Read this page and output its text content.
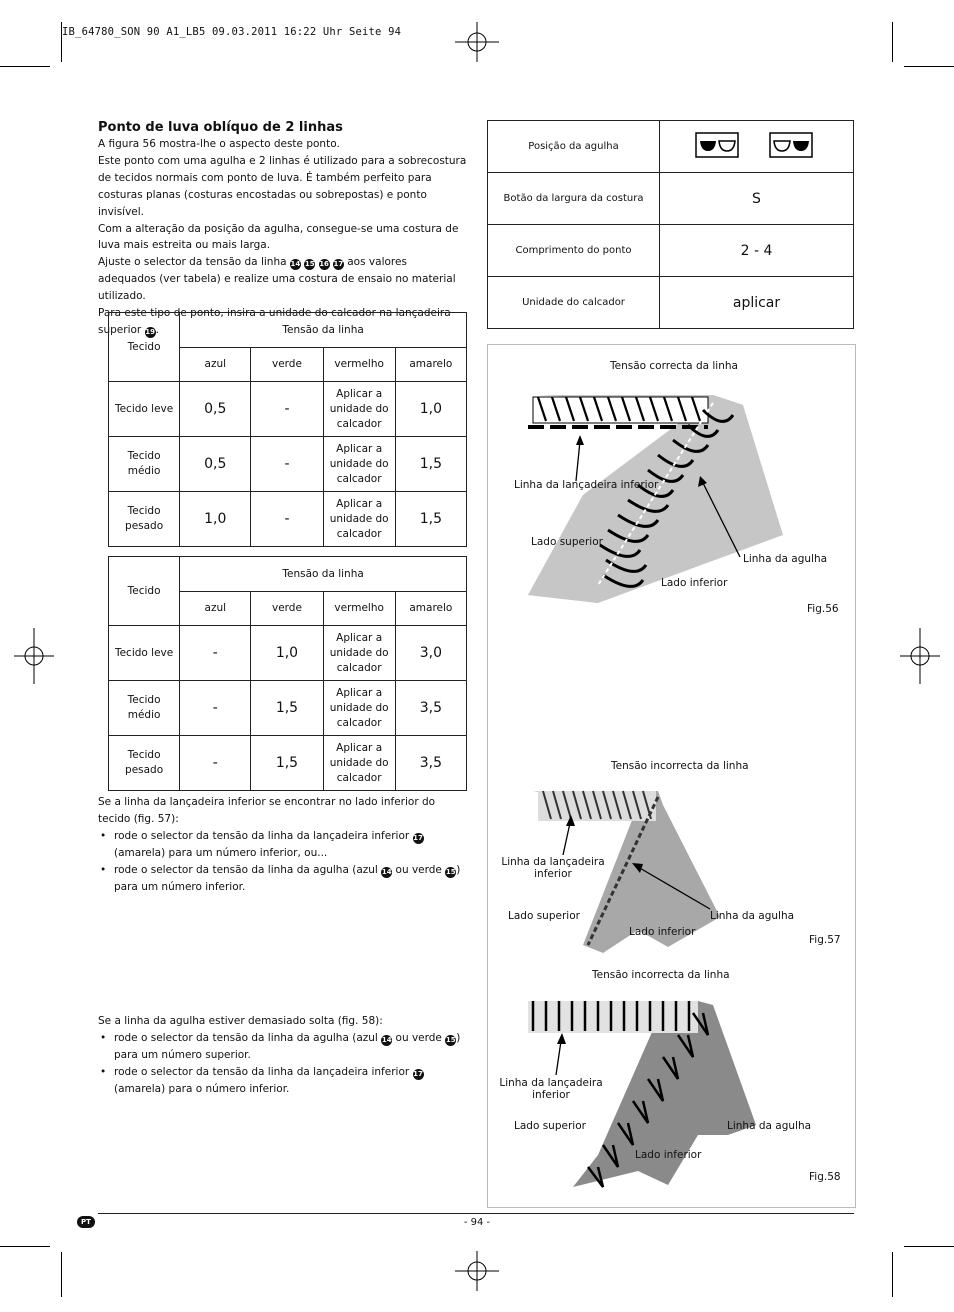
IB_64780_SON 90 A1_LB5 09.03.2011 16:22 Uhr Seite 94
Ponto de luva oblíquo de 2 linhas

A figura 56 mostra-lhe o aspecto deste ponto.

Este ponto com uma agulha e 2 linhas é utilizado para a sobrecostura de tecidos normais com ponto de luva. É também perfeito para costuras planas (costuras encostadas ou sobrepostas) e ponto invisível.

Com a alteração da posição da agulha, consegue-se uma costura de luva mais estreita ou mais larga.

Ajuste o selector da tensão da linha 14 15 16 17 aos valores adequados (ver tabela) e realize uma costura de ensaio no material utilizado.

Para este tipo de ponto, insira a unidade do calcador na lançadeira superior 19.

Tecido	Tensão da linha			
	azul	verde	vermelho	amarelo
Tecido leve	0,5	-	Aplicar a unidade do calcador	1,0
Tecido médio	0,5	-	Aplicar a unidade do calcador	1,5
Tecido pesado	1,0	-	Aplicar a unidade do calcador	1,5
Tecido	Tensão da linha			
	azul	verde	vermelho	amarelo
Tecido leve	-	1,0	Aplicar a unidade do calcador	3,0
Tecido médio	-	1,5	Aplicar a unidade do calcador	3,5
Tecido pesado	-	1,5	Aplicar a unidade do calcador	3,5

Se a linha da lançadeira inferior se encontrar no lado inferior do tecido (fig. 57):

• rode o selector da tensão da linha da lançadeira inferior 17 (amarela) para um número inferior, ou...
• rode o selector da tensão da linha da agulha (azul 14 ou verde 15) para um número inferior.

Se a linha da agulha estiver demasiado solta (fig. 58):

• rode o selector da tensão da linha da agulha (azul 14 ou verde 15) para um número superior.
• rode o selector da tensão da linha da lançadeira inferior 17 (amarela) para o número inferior.
Posição da agulha	
Botão da largura da costura	S
Comprimento do ponto	2 - 4
Unidade do calcador	aplicar
Tensão correcta da linha
Linha da lançadeira inferior
Lado superior
Linha da agulha
Lado inferior
Fig.56
Tensão incorrecta da linha
Linha da lançadeira inferior
Lado superior	Linha da agulha
Lado inferior
Fig.57
Tensão incorrecta da linha
Linha da lançadeira inferior
Lado superior	Linha da agulha
Lado inferior
Fig.58
PT	- 94 -
